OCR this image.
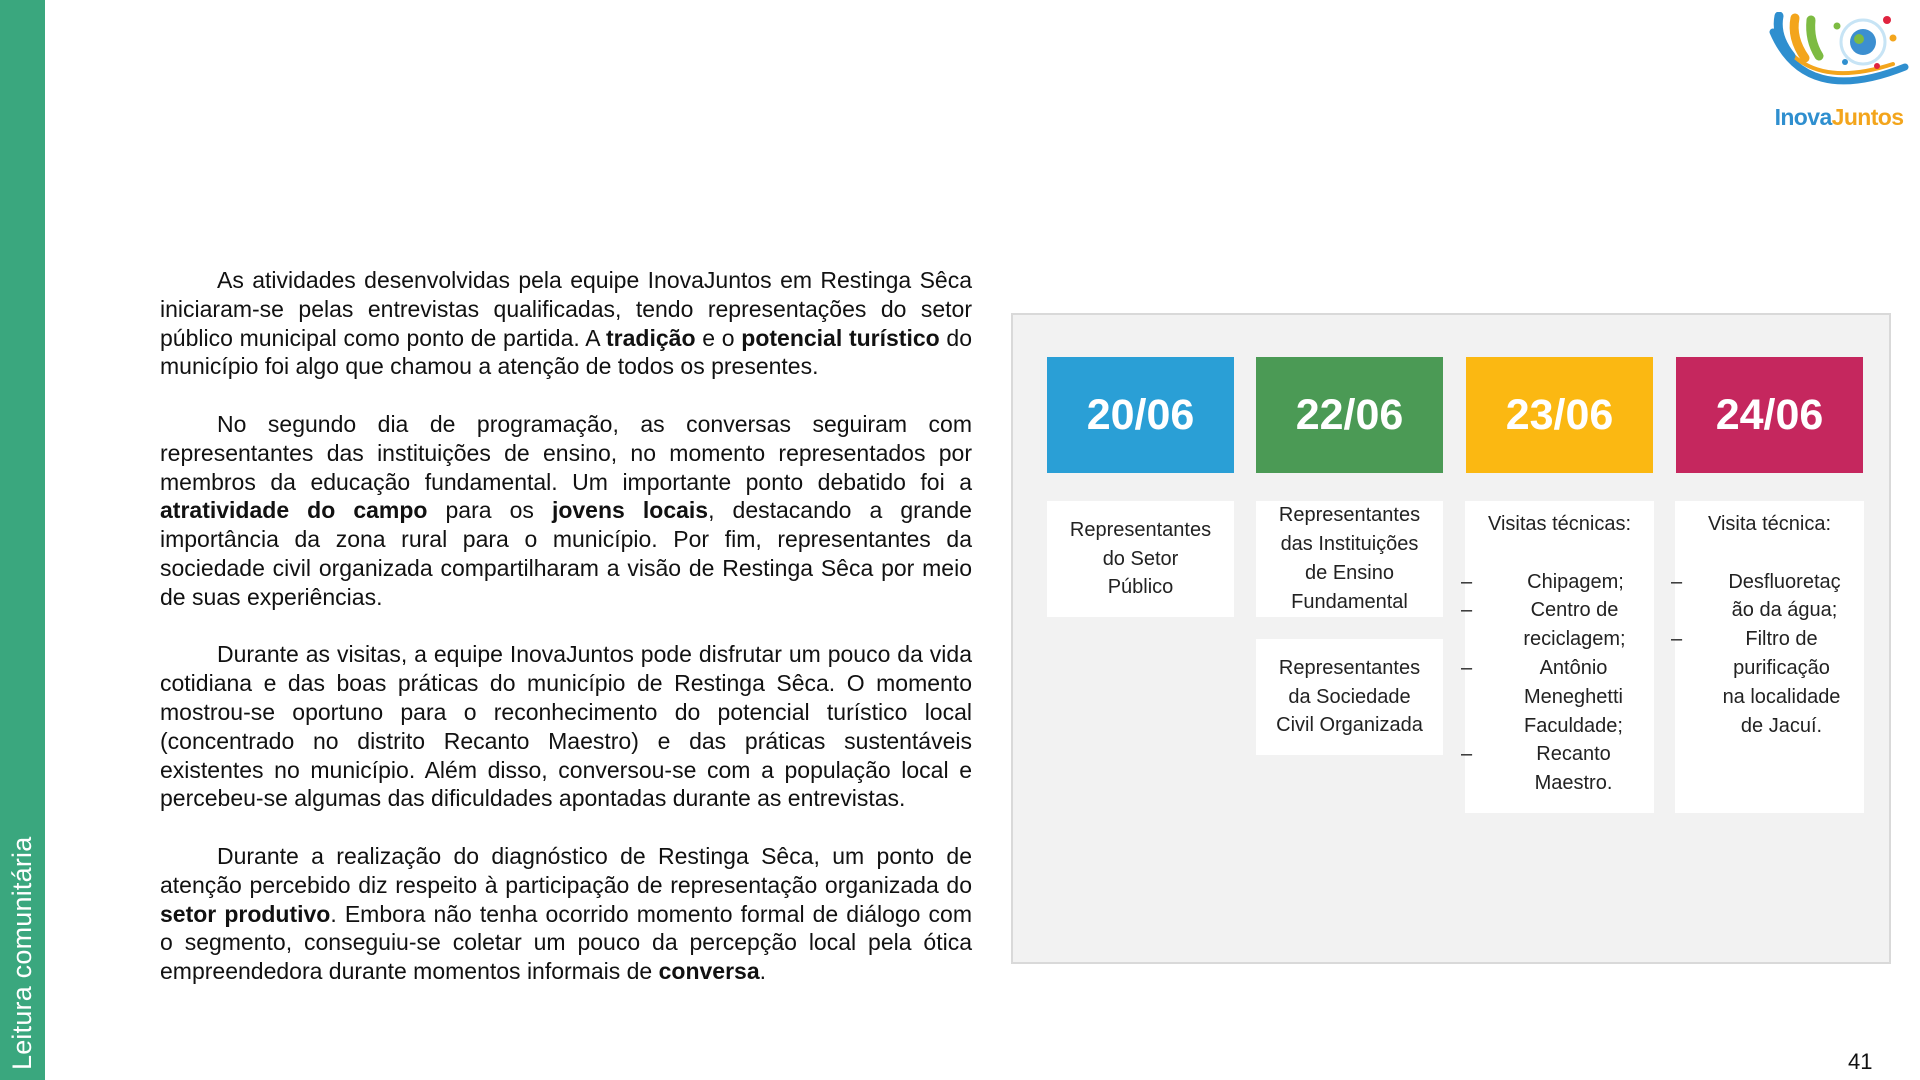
Leitura comunitária
InovaJuntos

As atividades desenvolvidas pela equipe InovaJuntos em Restinga Sêca iniciaram-se pelas entrevistas qualificadas, tendo representações do setor público municipal como ponto de partida. A tradição e o potencial turístico do município foi algo que chamou a atenção de todos os presentes.

No segundo dia de programação, as conversas seguiram com representantes das instituições de ensino, no momento representados por membros da educação fundamental. Um importante ponto debatido foi a atratividade do campo para os jovens locais, destacando a grande importância da zona rural para o município. Por fim, representantes da sociedade civil organizada compartilharam a visão de Restinga Sêca por meio de suas experiências.

Durante as visitas, a equipe InovaJuntos pode disfrutar um pouco da vida cotidiana e das boas práticas do município de Restinga Sêca. O momento mostrou-se oportuno para o reconhecimento do potencial turístico local (concentrado no distrito Recanto Maestro) e das práticas sustentáveis existentes no município. Além disso, conversou-se com a população local e percebeu-se algumas das dificuldades apontadas durante as entrevistas.

Durante a realização do diagnóstico de Restinga Sêca, um ponto de atenção percebido diz respeito à participação de representação organizada do setor produtivo. Embora não tenha ocorrido momento formal de diálogo com o segmento, conseguiu-se coletar um pouco da percepção local pela ótica empreendedora durante momentos informais de conversa.

20/06 22/06 23/06 24/06
Representantes
do Setor
Público
Representantes
das Instituições
de Ensino
Fundamental
Representantes
da Sociedade
Civil Organizada
Visitas técnicas:
– Chipagem;
– Centro de
reciclagem;
– Antônio
Meneghetti
Faculdade;
– Recanto
Maestro.
Visita técnica:
– Desfluoretaç
ão da água;
– Filtro de
purificação
na localidade
de Jacuí.
41
